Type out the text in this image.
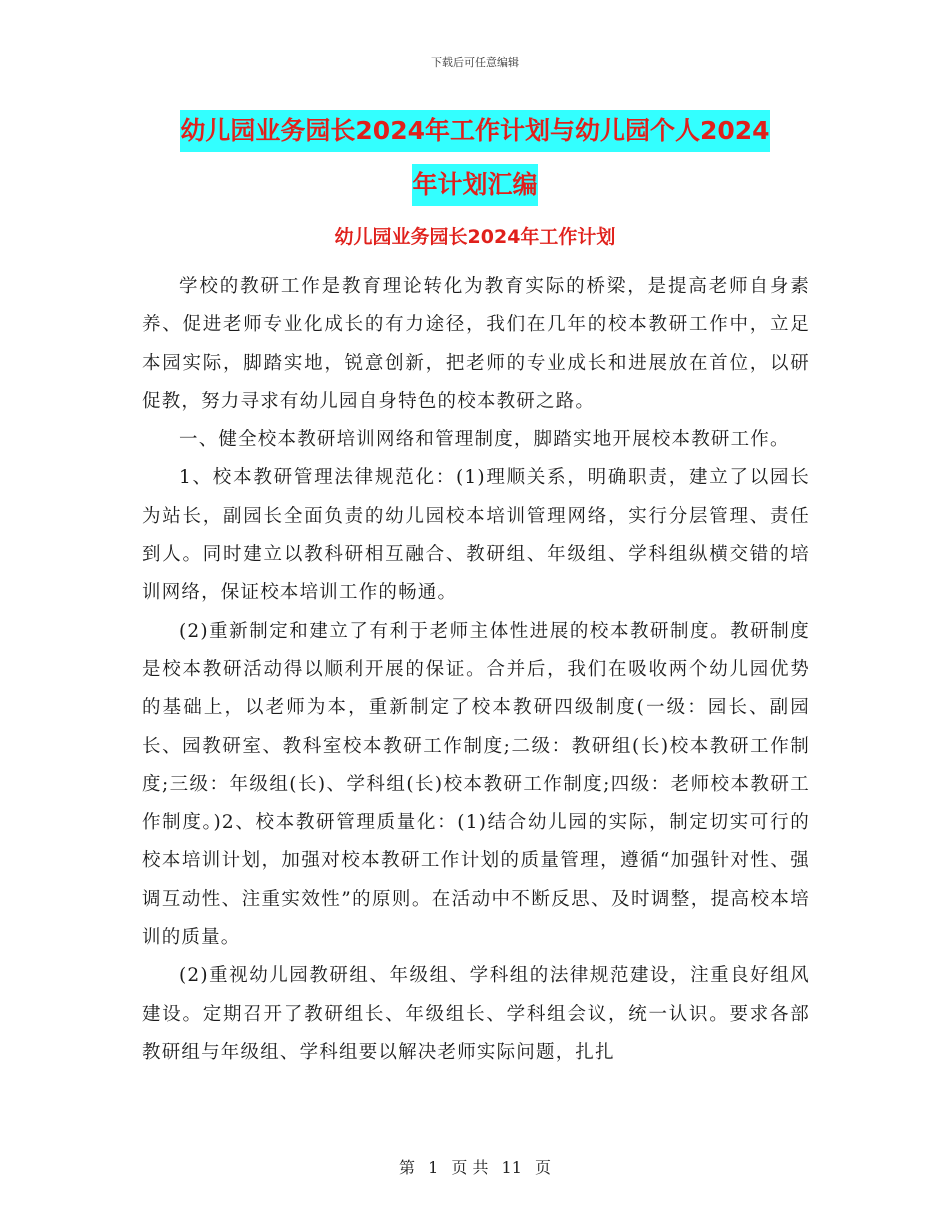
下载后可任意编辑
幼儿园业务园长2024年工作计划与幼儿园个人2024
年计划汇编
幼儿园业务园长2024年工作计划

学校的教研工作是教育理论转化为教育实际的桥梁，是提高老师自身素养、促进老师专业化成长的有力途径，我们在几年的校本教研工作中，立足本园实际，脚踏实地，锐意创新，把老师的专业成长和进展放在首位，以研促教，努力寻求有幼儿园自身特色的校本教研之路。

一、健全校本教研培训网络和管理制度，脚踏实地开展校本教研工作。

1、校本教研管理法律规范化：(1)理顺关系，明确职责，建立了以园长为站长，副园长全面负责的幼儿园校本培训管理网络，实行分层管理、责任到人。同时建立以教科研相互融合、教研组、年级组、学科组纵横交错的培训网络，保证校本培训工作的畅通。

(2)重新制定和建立了有利于老师主体性进展的校本教研制度。教研制度是校本教研活动得以顺利开展的保证。合并后，我们在吸收两个幼儿园优势的基础上，以老师为本，重新制定了校本教研四级制度(一级：园长、副园长、园教研室、教科室校本教研工作制度;二级：教研组(长)校本教研工作制度;三级：年级组(长)、学科组(长)校本教研工作制度;四级：老师校本教研工作制度。)2、校本教研管理质量化：(1)结合幼儿园的实际，制定切实可行的校本培训计划，加强对校本教研工作计划的质量管理，遵循“加强针对性、强调互动性、注重实效性”的原则。在活动中不断反思、及时调整，提高校本培训的质量。

(2)重视幼儿园教研组、年级组、学科组的法律规范建设，注重良好组风建设。定期召开了教研组长、年级组长、学科组会议，统一认识。要求各部教研组与年级组、学科组要以解决老师实际问题，扎扎

第 1 页 共 11 页
